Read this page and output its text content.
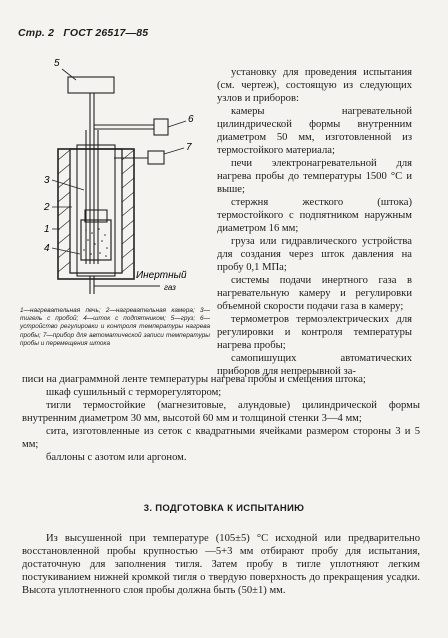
Стр. 2 ГОСТ 26517—85
5
6
7
3
2
1
4
Инертный
газ
1—нагревательная печь; 2—нагревательная камера; 3—тигель с пробой; 4—шток с подпятником; 5—груз; 6—устройство регулировки и контроля температуры нагрева пробы; 7—прибор для автоматической записи температуры пробы и перемещения штока

установку для проведения испытания (см. чертеж), состоящую из следующих узлов и приборов:

камеры нагревательной цилиндрической формы внутренним диаметром 50 мм, изготовленной из термостойкого материала;

печи электронагревательной для нагрева пробы до температуры 1500 °С и выше;

стержня жесткого (штока) термостойкого с подпятником наружным диаметром 16 мм;

груза или гидравлического устройства для создания через шток давления на пробу 0,1 МПа;

системы подачи инертного газа в нагревательную камеру и регулировки объемной скорости подачи газа в камеру;

термометров термоэлектрических для регулировки и контроля температуры нагрева пробы;

самопишущих автоматических приборов для непрерывной за-

писи на диаграммной ленте температуры нагрева пробы и смещения штока;

шкаф сушильный с терморегулятором;

тигли термостойкие (магнезитовые, алундовые) цилиндрической формы внутренним диаметром 30 мм, высотой 60 мм и толщиной стенки 3—4 мм;

сита, изготовленные из сеток с квадратными ячейками размером стороны 3 и 5 мм;

баллоны с азотом или аргоном.

3. ПОДГОТОВКА К ИСПЫТАНИЮ

Из высушенной при температуре (105±5) °С исходной или предварительно восстановленной пробы крупностью —5+3 мм отбирают пробу для испытания, достаточную для заполнения тигля. Затем пробу в тигле уплотняют легким постукиванием нижней кромкой тигля о твердую поверхность до прекращения усадки. Высота уплотненного слоя пробы должна быть (50±1) мм.
